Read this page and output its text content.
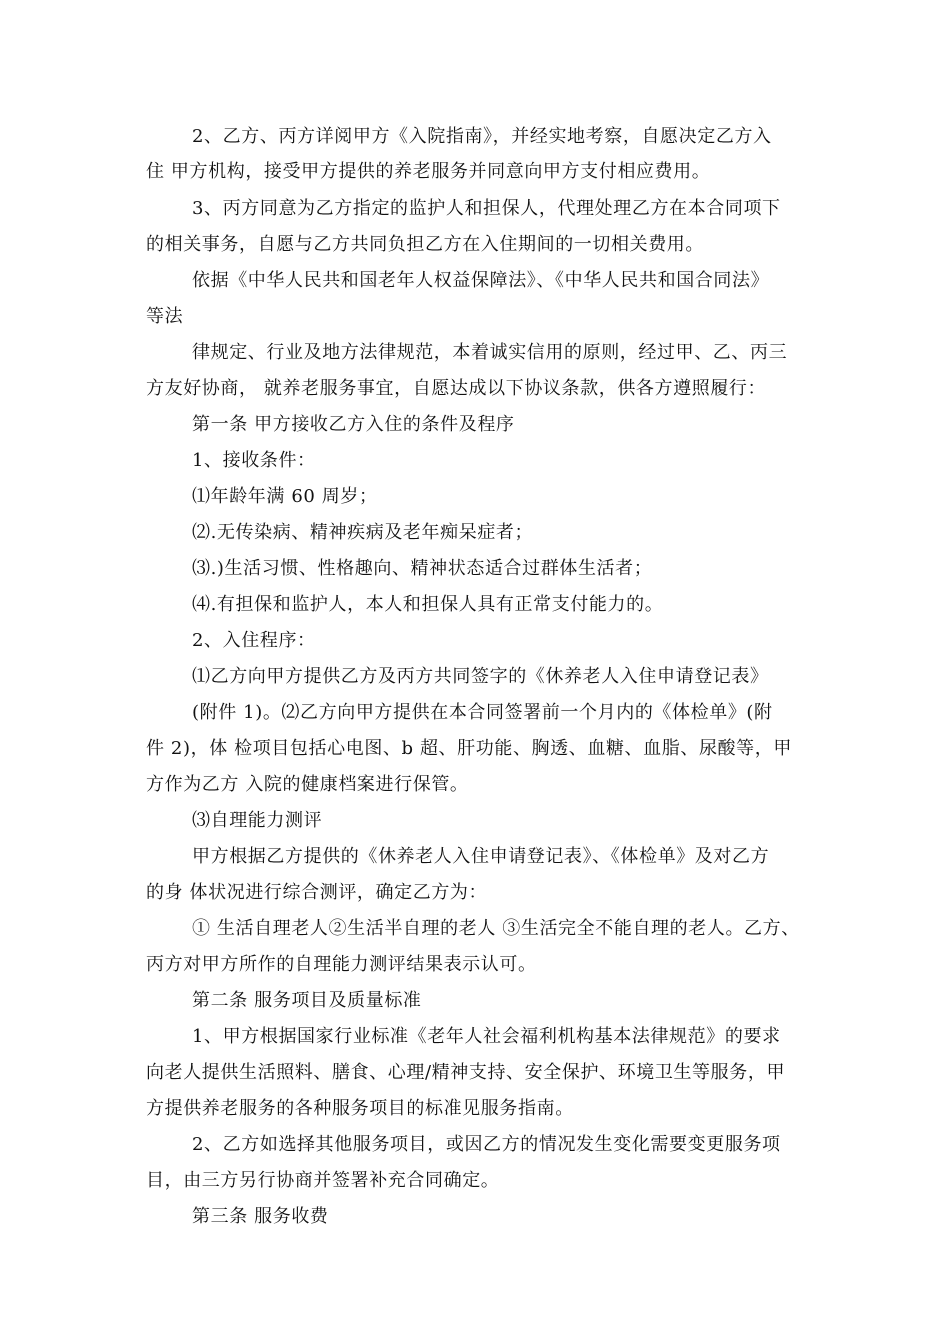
2、乙方、丙方详阅甲方《入院指南》，并经实地考察，自愿决定乙方入
住 甲方机构，接受甲方提供的养老服务并同意向甲方支付相应费用。
3、丙方同意为乙方指定的监护人和担保人，代理处理乙方在本合同项下
的相关事务，自愿与乙方共同负担乙方在入住期间的一切相关费用。
依据《中华人民共和国老年人权益保障法》、《中华人民共和国合同法》
等法
律规定、行业及地方法律规范，本着诚实信用的原则，经过甲、乙、丙三
方友好协商， 就养老服务事宜，自愿达成以下协议条款，供各方遵照履行：
第一条 甲方接收乙方入住的条件及程序
1、接收条件：
⑴年龄年满 60 周岁；
⑵.无传染病、精神疾病及老年痴呆症者；
⑶.)生活习惯、性格趣向、精神状态适合过群体生活者；
⑷.有担保和监护人，本人和担保人具有正常支付能力的。
2、入住程序：
⑴乙方向甲方提供乙方及丙方共同签字的《休养老人入住申请登记表》
(附件 1)。⑵乙方向甲方提供在本合同签署前一个月内的《体检单》(附
件 2)，体 检项目包括心电图、b 超、肝功能、胸透、血糖、血脂、尿酸等，甲
方作为乙方 入院的健康档案进行保管。
⑶自理能力测评
甲方根据乙方提供的《休养老人入住申请登记表》、《体检单》及对乙方
的身 体状况进行综合测评，确定乙方为：
① 生活自理老人②生活半自理的老人 ③生活完全不能自理的老人。乙方、
丙方对甲方所作的自理能力测评结果表示认可。
第二条 服务项目及质量标准
1、甲方根据国家行业标准《老年人社会福利机构基本法律规范》的要求
向老人提供生活照料、膳食、心理/精神支持、安全保护、环境卫生等服务，甲
方提供养老服务的各种服务项目的标准见服务指南。
2、乙方如选择其他服务项目，或因乙方的情况发生变化需要变更服务项
目，由三方另行协商并签署补充合同确定。
第三条 服务收费
